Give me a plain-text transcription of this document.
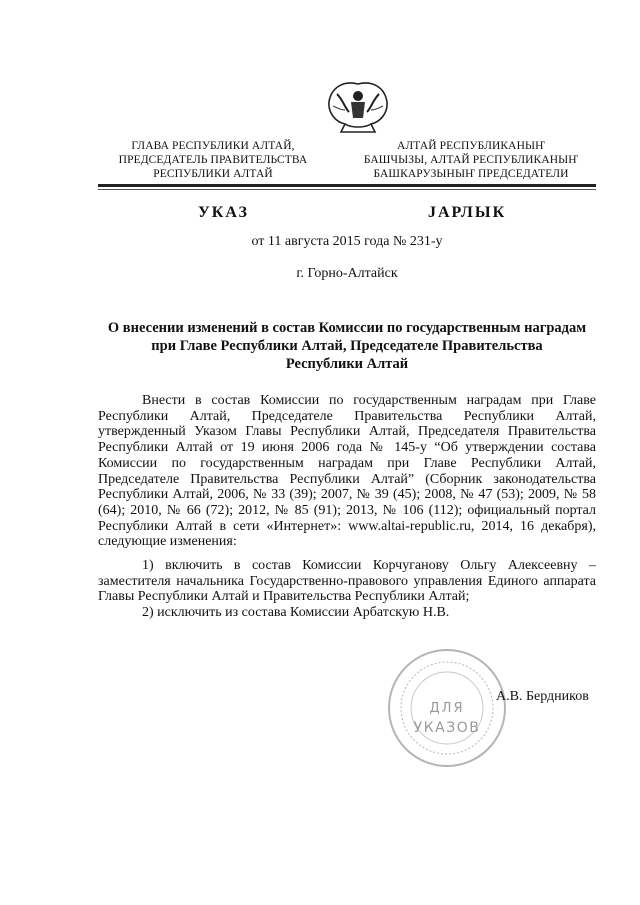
ГЛАВА РЕСПУБЛИКИ АЛТАЙ,
ПРЕДСЕДАТЕЛЬ ПРАВИТЕЛЬСТВА
РЕСПУБЛИКИ АЛТАЙ
АЛТАЙ РЕСПУБЛИКАНЫҤ
БАШЧЫЗЫ, АЛТАЙ РЕСПУБЛИКАНЫҤ
БАШКАРУЗЫНЫҤ ПРЕДСЕДАТЕЛИ
УКАЗ	JАРЛЫК
от 11 августа 2015 года № 231-у
г. Горно-Алтайск
О внесении изменений в состав Комиссии по государственным наградам
при Главе Республики Алтай, Председателе Правительства
Республики Алтай

Внести в состав Комиссии по государственным наградам при Главе Республики Алтай, Председателе Правительства Республики Алтай, утвержденный Указом Главы Республики Алтай, Председателя Правительства Республики Алтай от 19 июня 2006 года № 145-у “Об утверждении состава Комиссии по государственным наградам при Главе Республики Алтай, Председателе Правительства Республики Алтай” (Сборник законодательства Республики Алтай, 2006, № 33 (39); 2007, № 39 (45); 2008, № 47 (53); 2009, № 58 (64); 2010, № 66 (72); 2012, № 85 (91); 2013, № 106 (112); официальный портал Республики Алтай в сети «Интернет»: www.altai-republic.ru, 2014, 16 декабря), следующие изменения:

1) включить в состав Комиссии Корчуганову Ольгу Алексеевну – заместителя начальника Государственно-правового управления Единого аппарата Главы Республики Алтай и Правительства Республики Алтай;

2) исключить из состава Комиссии Арбатскую Н.В.

ДЛЯ
УКАЗОВ
А.В. Бердников
